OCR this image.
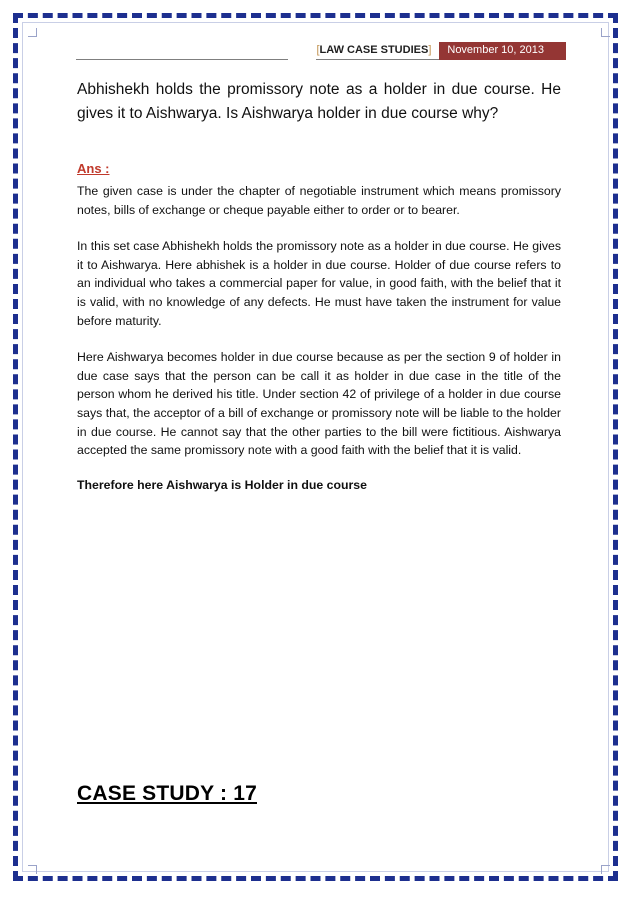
[LAW CASE STUDIES]	November 10, 2013

Abhishekh holds the promissory note as a holder in due course. He gives it to Aishwarya. Is Aishwarya holder in due course why?

Ans :

The given case is under the chapter of negotiable instrument which means promissory notes, bills of exchange or cheque payable either to order or to bearer.

In this set case Abhishekh holds the promissory note as a holder in due course. He gives it to Aishwarya. Here abhishek is a holder in due course. Holder of due course refers to an individual who takes a commercial paper for value, in good faith, with the belief that it is valid, with no knowledge of any defects. He must have taken the instrument for value before maturity.

Here Aishwarya becomes holder in due course because as per the section 9 of holder in due case says that the person can be call it as holder in due case in the title of the person whom he derived his title. Under section 42 of privilege of a holder in due course says that, the acceptor of a bill of exchange or promissory note will be liable to the holder in due course. He cannot say that the other parties to the bill were fictitious. Aishwarya accepted the same promissory note with a good faith with the belief that it is valid.

Therefore here Aishwarya is Holder in due course

CASE STUDY : 17
